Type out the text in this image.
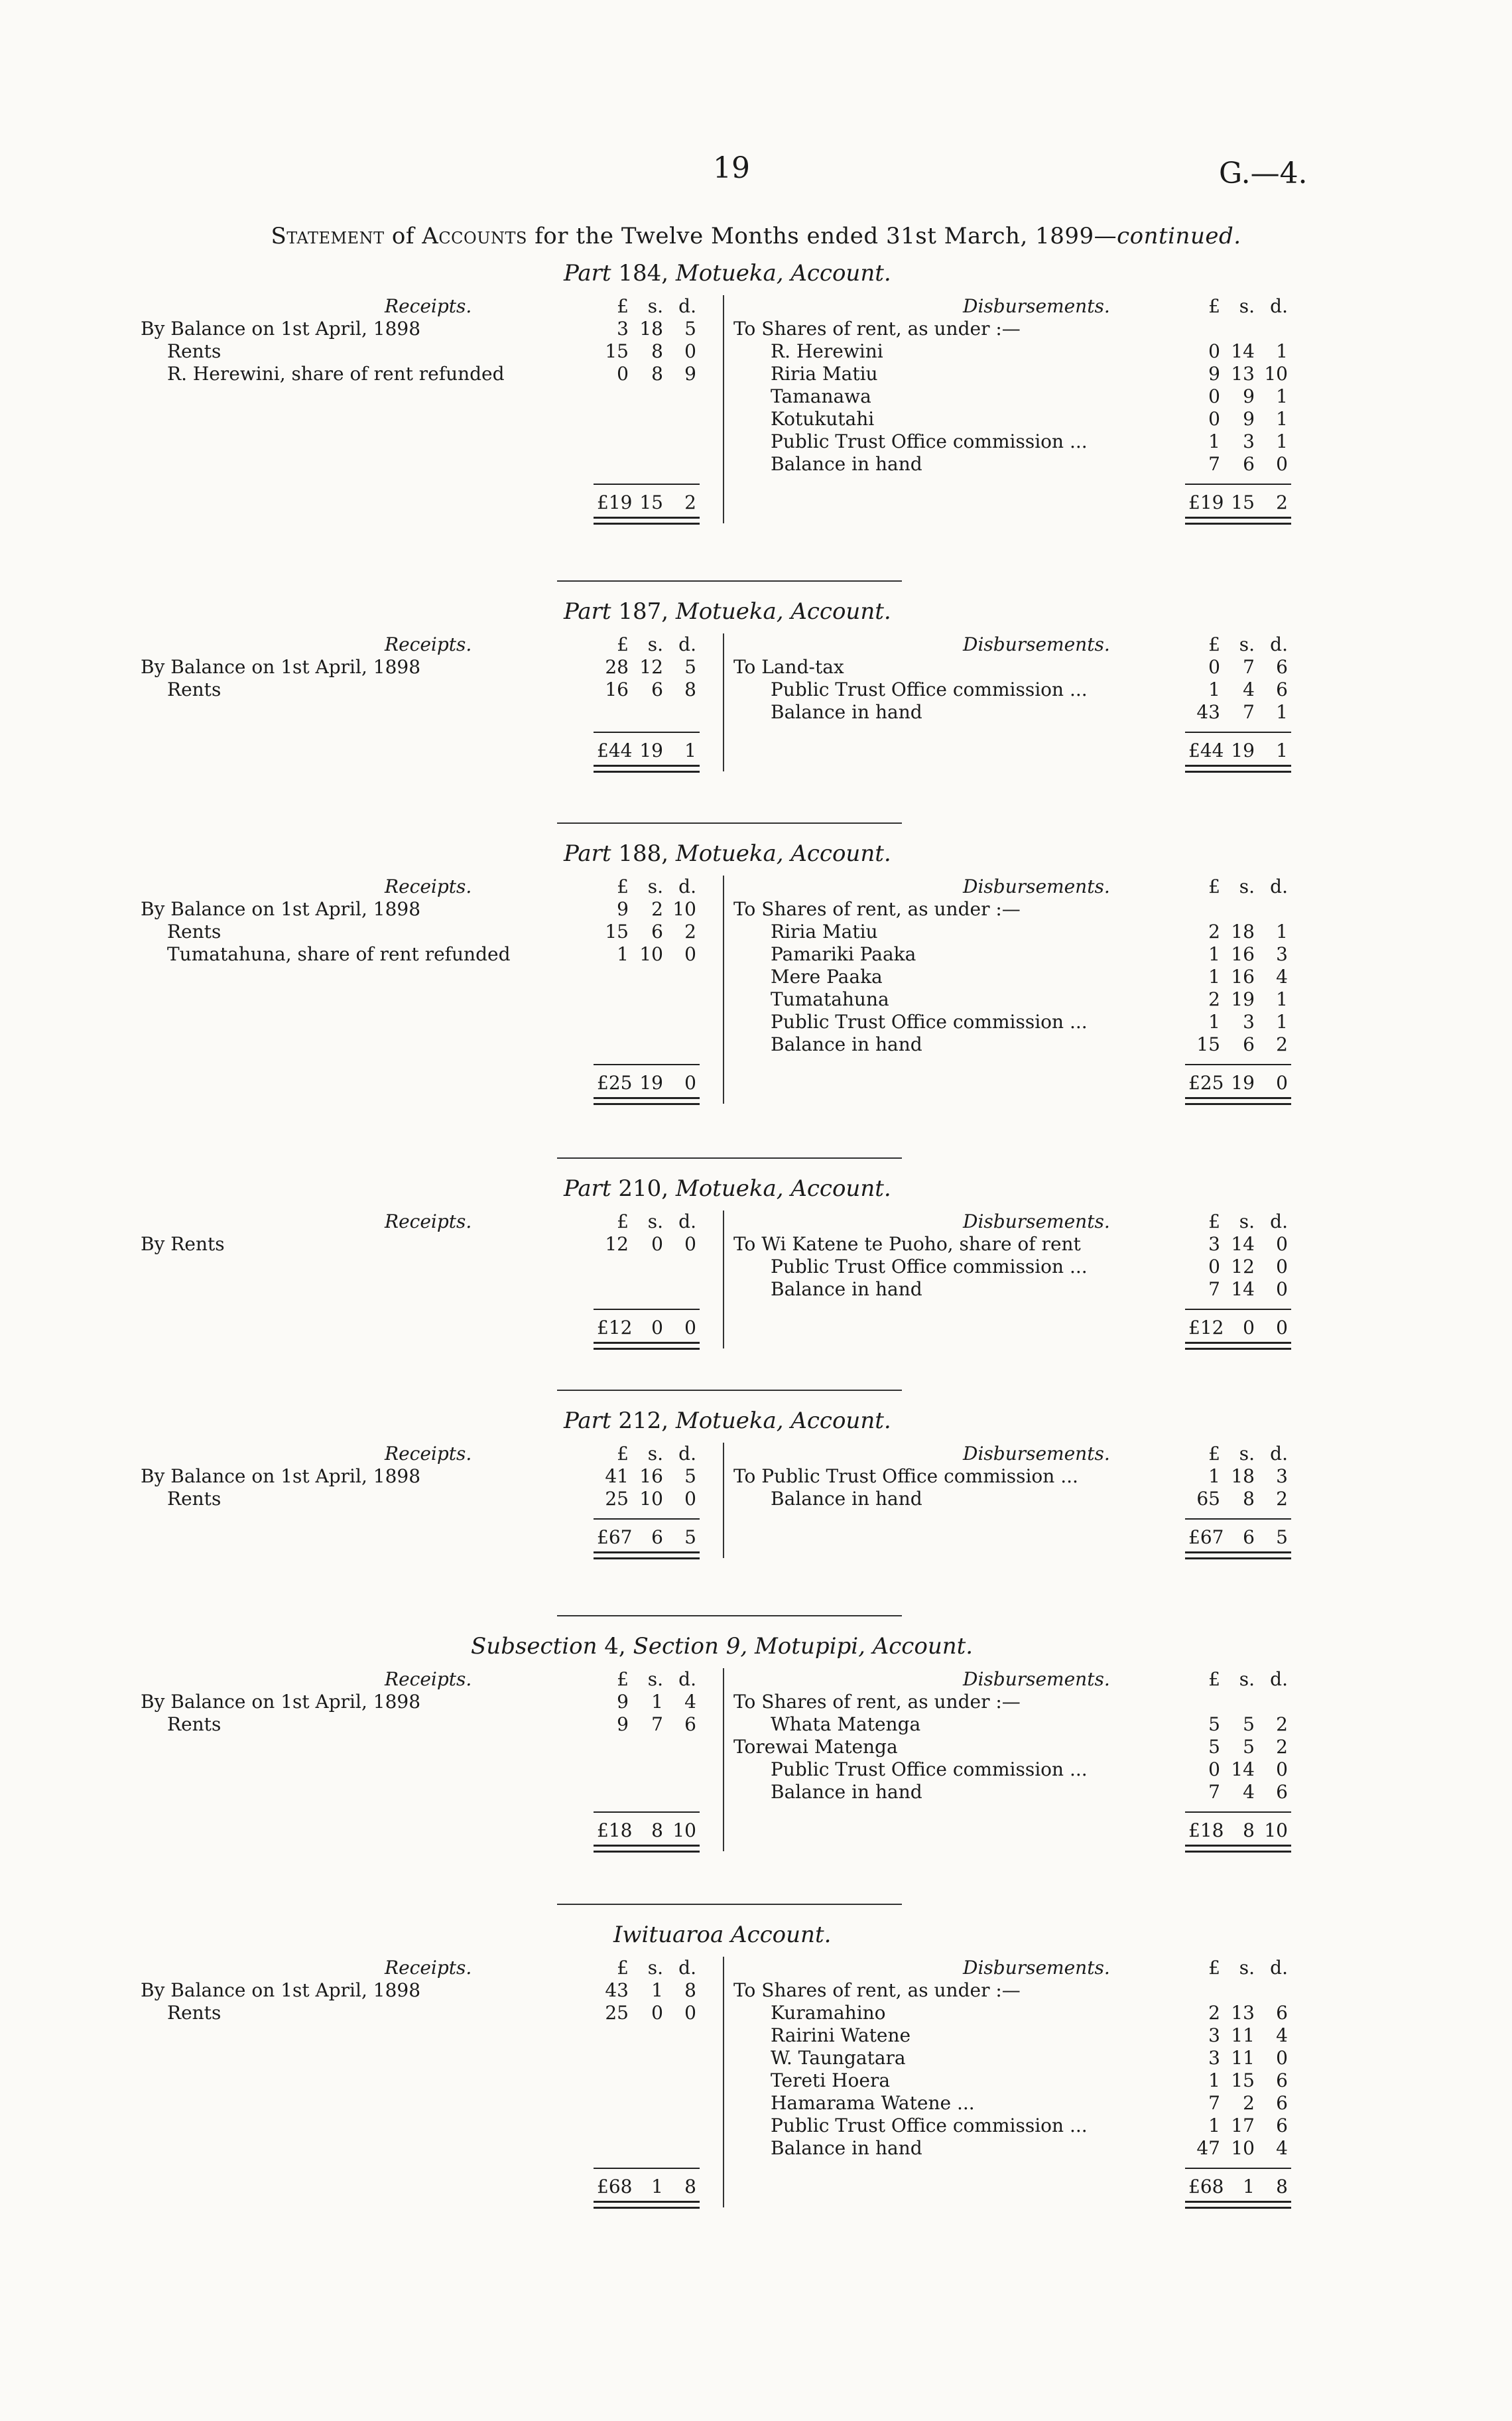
19	G.—4.
Statement of Accounts for the Twelve Months ended 31st March, 1899—continued.
Part 184, Motueka, Account.
Receipts.	£	s. d.
By Balance on 1st April, 1898	3 18	5
Rents	15	8	0
R. Herewini, share of rent refunded	0	8	9
£19 15	2
Disbursements.	£	s. d.
To Shares of rent, as under :—
R. Herewini	0 14	1
Riria Matiu	9 13 10
Tamanawa	0	9	1
Kotukutahi	0	9	1
Public Trust Office commission ...	1	3	1
Balance in hand	7	6	0
£19 15	2
Part 187, Motueka, Account.
Receipts.	£	s. d.
By Balance on 1st April, 1898	28 12	5
Rents	16	6	8
£44 19	1
Disbursements.	£	s. d.
To Land-tax	0	7	6
Public Trust Office commission ...	1	4	6
Balance in hand	43	7	1
£44 19	1
Part 188, Motueka, Account.
Receipts.	£	s. d.
By Balance on 1st April, 1898	9	2 10
Rents	15	6	2
Tumatahuna, share of rent refunded	1 10	0
£25 19	0
Disbursements.	£	s. d.
To Shares of rent, as under :—
Riria Matiu	2 18	1
Pamariki Paaka	1 16	3
Mere Paaka	1 16	4
Tumatahuna	2 19	1
Public Trust Office commission ...	1	3	1
Balance in hand	15	6	2
£25 19	0
Part 210, Motueka, Account.
Receipts.	£	s. d.
By Rents	12	0	0
£12	0	0
Disbursements.	£	s. d.
To Wi Katene te Puoho, share of rent	3 14	0
Public Trust Office commission ...	0 12	0
Balance in hand	7 14	0
£12	0	0
Part 212, Motueka, Account.
Receipts.	£	s. d.
By Balance on 1st April, 1898	41 16	5
Rents	25 10	0
£67	6	5
Disbursements.	£	s. d.
To Public Trust Office commission ...	1 18	3
Balance in hand	65	8	2
£67	6	5
Subsection 4, Section 9, Motupipi, Account.
Receipts.	£	s. d.
By Balance on 1st April, 1898	9	1	4
Rents	9	7	6
£18	8 10
Disbursements.	£	s. d.
To Shares of rent, as under :—
Whata Matenga	5	5	2
Torewai Matenga	5	5	2
Public Trust Office commission ...	0 14	0
Balance in hand	7	4	6
£18	8 10
Iwituaroa Account.
Receipts.	£	s. d.
By Balance on 1st April, 1898	43	1	8
Rents	25	0	0
£68	1	8
Disbursements.	£	s. d.
To Shares of rent, as under :—
Kuramahino	2 13	6
Rairini Watene	3 11	4
W. Taungatara	3 11	0
Tereti Hoera	1 15	6
Hamarama Watene ...	7	2	6
Public Trust Office commission ...	1 17	6
Balance in hand	47 10	4
£68	1	8
